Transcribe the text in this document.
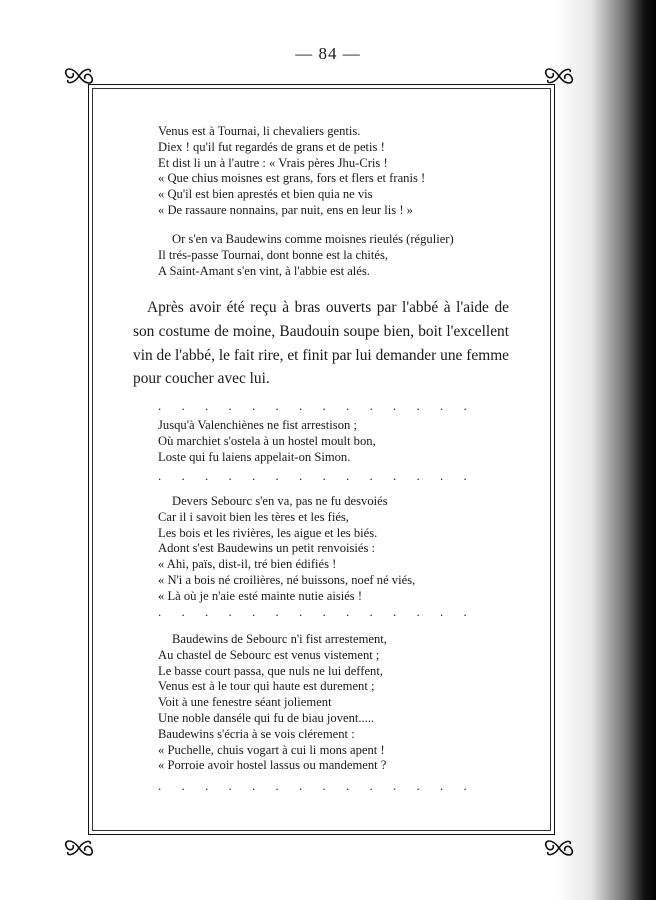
— 84 —
Venus est à Tournai, li chevaliers gentis.
Diex ! qu'il fut regardés de grans et de petis !
Et dist li un à l'autre : « Vrais pères Jhu-Cris !
« Que chius moisnes est grans, fors et flers et franis !
« Qu'il est bien aprestés et bien quia ne vis
« De rassaure nonnains, par nuit, ens en leur lis ! »
Or s'en va Baudewins comme moisnes rieulés (régulier)
Il trés-passe Tournai, dont bonne est la chités,
A Saint-Amant s'en vint, à l'abbie est alés.

Après avoir été reçu à bras ouverts par l'abbé à l'aide de son costume de moine, Baudouin soupe bien, boit l'excellent vin de l'abbé, le fait rire, et finit par lui demander une femme pour coucher avec lui.

. . . . . . . . . . . . . .
Jusqu'à Valenchiènes ne fist arrestison ;
Où marchiet s'ostela à un hostel moult bon,
Loste qui fu laiens appelait-on Simon.
. . . . . . . . . . . . . .
Devers Sebourc s'en va, pas ne fu desvoiés
Car il i savoit bien les tères et les fiés,
Les bois et les rivières, les aigue et les biés.
Adont s'est Baudewins un petit renvoisiés :
« Ahi, païs, dist-il, tré bien édifiés !
« N'i a bois né croilières, né buissons, noef né viés,
« Là où je n'aie esté mainte nutie aisiés !
. . . . . . . . . . . . . .
Baudewins de Sebourc n'i fist arrestement,
Au chastel de Sebourc est venus vistement ;
Le basse court passa, que nuls ne lui deffent,
Venus est à le tour qui haute est durement ;
Voit à une fenestre séant joliement
Une noble danséle qui fu de biau jovent.....
Baudewins s'écria à se vois clérement :
« Puchelle, chuis vogart à cui li mons apent !
« Porroie avoir hostel lassus ou mandement ?
. . . . . . . . . . . . . .
